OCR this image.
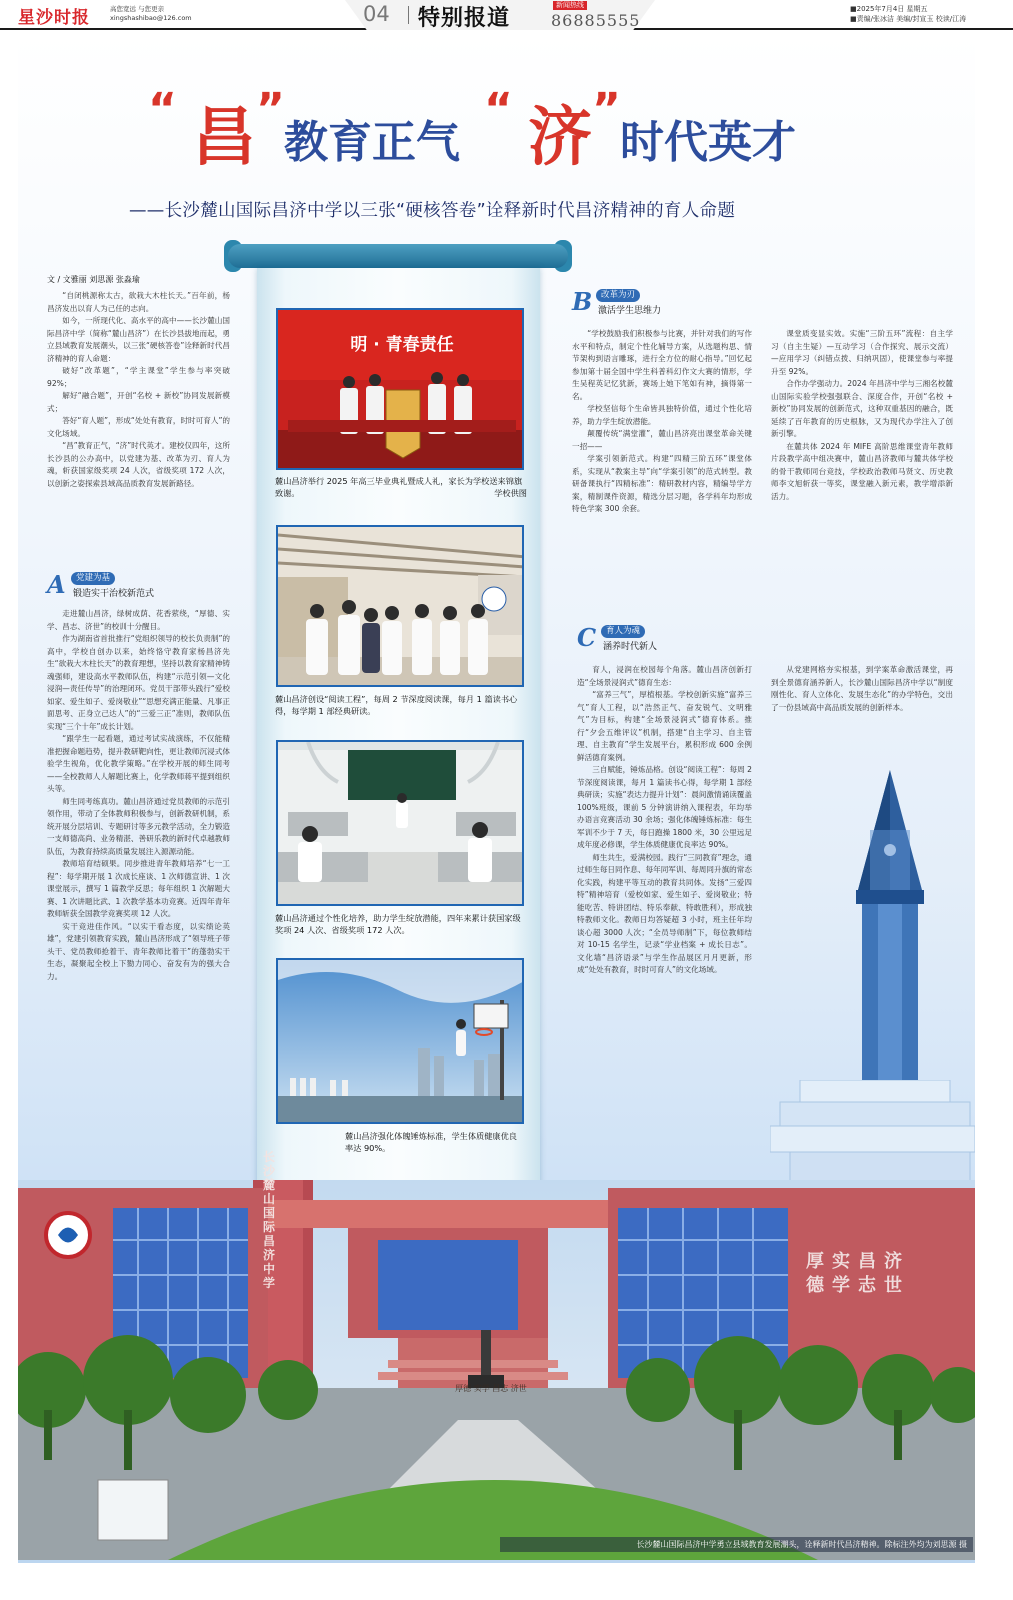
星沙时报	高您宽远 与您更亲
xingshashibao@126.com	04 特别报道
新闻热线
86885555
■2025年7月4日 星期五
■责编/张冰洁 美编/封宣玉 校读/江涛
“ 昌 ”
教育正气
“ 济 ”
时代英才
——长沙麓山国际昌济中学以三张“硬核答卷”诠释新时代昌济精神的育人命题
明 · 青春责任
麓山昌济举行 2025 年高三毕业典礼暨成人礼，家长为学校送来锦旗致谢。	学校供图
麓山昌济创设“阅读工程”，每周 2 节深度阅读课，每月 1 篇读书心得，每学期 1 部经典研读。
麓山昌济通过个性化培养，助力学生绽放潜能，四年来累计获国家级奖项 24 人次、省级奖项 172 人次。
麓山昌济强化体魄锤炼标准，学生体质健康优良率达 90%。
文 / 文雅丽 刘思源 张淼瑜

“自闭桃源称太古，欲栽大木柱长天。”百年前，杨昌济发出以育人为己任的志向。

如今，一所现代化、高水平的高中——长沙麓山国际昌济中学（简称“麓山昌济”）在长沙县拔地而起，勇立县域教育发展潮头，以三张“硬核答卷”诠释新时代昌济精神的育人命题：

破好“改革题”，“学主课堂”学生参与率突破 92%；

解好“融合题”，开创“名校 + 新校”协同发展新模式；

答好“育人题”，形成“处处有教育，时时可育人”的文化场域。

“昌”教育正气，“济”时代英才。建校仅四年，这所长沙县的公办高中，以党建为基、改革为刃、育人为魂，斩获国家级奖项 24 人次，省级奖项 172 人次，以创新之姿探索县域高品质教育发展新路径。

A	党建为基
锻造实干治校新范式

走进麓山昌济，绿树成荫、花香萦绕，“厚德、实学、昌志、济世”的校训十分醒目。

作为湖南省首批推行“党组织领导的校长负责制”的高中，学校自创办以来，始终恪守教育家杨昌济先生“欲栽大木柱长天”的教育理想，坚持以教育家精神铸魂强师，建设高水平教师队伍，构建“示范引领—文化浸润—责任传导”的治理闭环。党员干部带头践行“爱校如家、爱生如子、爱岗敬业”“思想充满正能量、凡事正面思考、正身立己达人”的“三爱三正”准则，教师队伍实现“三个十年”成长计划。

“跟学生一起看题，通过考试实战演练，不仅能精准把握命题趋势，提升教研靶向性，更让教师沉浸式体验学生视角，优化教学策略。”在学校开展的师生同考——全校教师人人解题比赛上，化学教师蒋平提到组织头等。

师生同考练真功。麓山昌济通过党员教师的示范引领作用，带动了全体教师积极参与，创新教研机制，系统开展分层培训、专题研讨等多元教学活动，全力锻造一支师德高尚、业务精湛、善研乐教的新时代卓越教师队伍，为教育持续高质量发展注入源源动能。

教师培育结硕果。同步推进青年教师培养“七一工程”：每学期开展 1 次成长座谈、1 次师德宣讲、1 次课堂展示，撰写 1 篇教学反思；每年组织 1 次解题大赛、1 次讲题比武、1 次教学基本功竞赛。近四年青年教师斩获全国教学竞赛奖项 12 人次。

实干竞进佳作风。“以实干看态度，以实绩论英雄”，党建引领教育实践，麓山昌济形成了“领导班子带头干、党员教师抢着干、青年教师比着干”的蓬勃实干生态，凝聚起全校上下勠力同心、奋发有为的强大合力。

B	改革为刃
激活学生思维力

“学校鼓励我们积极参与比赛，并针对我们的写作水平和特点，制定个性化辅导方案，从选题构思、情节架构到语言雕琢，进行全方位的耐心指导。”回忆起参加第十届全国中学生科普科幻作文大赛的情形，学生吴程英记忆犹新，赛场上她下笔如有神，摘得第一名。

学校坚信每个生命皆具独特价值，通过个性化培养，助力学生绽放潜能。

颠覆传统“满堂灌”，麓山昌济亮出课堂革命关键一招——

学案引领新范式。构建“四精三阶五环”课堂体系，实现从“教案主导”向“学案引领”的范式转型。教研备课执行“四精标准”：精研教材内容，精编导学方案，精制课件资源，精选分层习题，各学科年均形成特色学案 300 余套。

课堂质变显实效。实施“三阶五环”流程：自主学习（自主生疑）—互动学习（合作探究、展示交流）—应用学习（纠错点拨、归纳巩固），使课堂参与率提升至 92%。

合作办学强动力。2024 年昌济中学与三湘名校麓山国际实验学校强强联合、深度合作，开创“名校 + 新校”协同发展的创新范式，这种双重基因的融合，既延续了百年教育的历史根脉，又为现代办学注入了创新引擎。

在麓共体 2024 年 MIFE 高阶思维课堂青年教师片段教学高中组决赛中，麓山昌济教师与麓共体学校的骨干教师同台竞技，学校政治教师马贤文、历史教师李文旭斩获一等奖，课堂融入新元素，教学增添新活力。

C	育人为魂
涵养时代新人

育人，浸润在校园每个角落。麓山昌济创新打造“全场景浸润式”德育生态：

“富养三气”，厚植根基。学校创新实施“富养三气”育人工程，以“浩然正气、奋发锐气、文明雅气”为目标，构建“全场景浸润式”德育体系。推行“夕会五维评议”机制，搭建“自主学习、自主管理、自主教育”学生发展平台，累积形成 600 余例鲜活德育案例。

三自赋能，锤炼品格。创设“阅读工程”：每周 2 节深度阅读课，每月 1 篇读书心得，每学期 1 部经典研读；实施“表达力提升计划”：晨间激情诵读覆盖 100%班级，课前 5 分钟演讲纳入课程表，年均举办语言竞赛活动 30 余场；强化体魄锤炼标准：每生军训不少于 7 天，每日跑操 1800 米，30 公里远足成年度必修课，学生体质健康优良率达 90%。

师生共生，爱满校园。践行“三同教育”理念，通过师生每日同作息、每年同军训、每周同升旗的常态化实践，构建平等互动的教育共同体。发扬“三爱四特”精神培育（爱校如家、爱生如子、爱岗敬业；特能吃苦、特讲团结、特乐奉献、特敢胜利），形成独特教师文化。教师日均答疑超 3 小时，班主任年均谈心超 3000 人次；“全员导师制”下，每位教师结对 10-15 名学生，记录“学业档案 + 成长日志”。文化墙“昌济语录”与学生作品展区月月更新，形成“处处有教育，时时可育人”的文化场域。

从党建网格夯实根基，到学案革命激活课堂，再到全景德育涵养新人，长沙麓山国际昌济中学以“制度刚性化、育人立体化、发展生态化”的办学特色，交出了一份县域高中高品质发展的创新样本。

长沙麓山国际昌济中学
厚实昌济
德学志世
厚德 实学 昌志 济世
长沙麓山国际昌济中学勇立县域教育发展潮头，诠释新时代昌济精神。除标注外均为刘思源 摄
